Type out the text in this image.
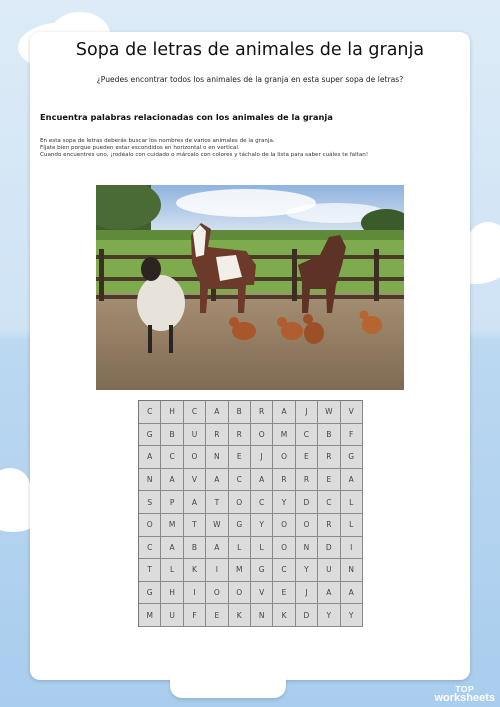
Sopa de letras de animales de la granja
¿Puedes encontrar todos los animales de la granja en esta super sopa de letras?
Encuentra palabras relacionadas con los animales de la granja
En esta sopa de letras deberás buscar los nombres de varios animales de la granja.
Fíjate bien porque pueden estar escondidos en horizontal o en vertical.
Cuando encuentres uno, ¡rodéalo con cuidado o márcalo con colores y táchalo de la lista para saber cuáles te faltan!
C	H	C	A	B	R	A	J	W	V
G	B	U	R	R	O	M	C	B	F
A	C	O	N	E	J	O	E	R	G
N	A	V	A	C	A	R	R	E	A
S	P	A	T	O	C	Y	D	C	L
O	M	T	W	G	Y	O	O	R	L
C	A	B	A	L	L	O	N	D	I
T	L	K	I	M	G	C	Y	U	N
G	H	I	O	O	V	E	J	A	A
M	U	F	E	K	N	K	D	Y	Y
TOP
worksheets
